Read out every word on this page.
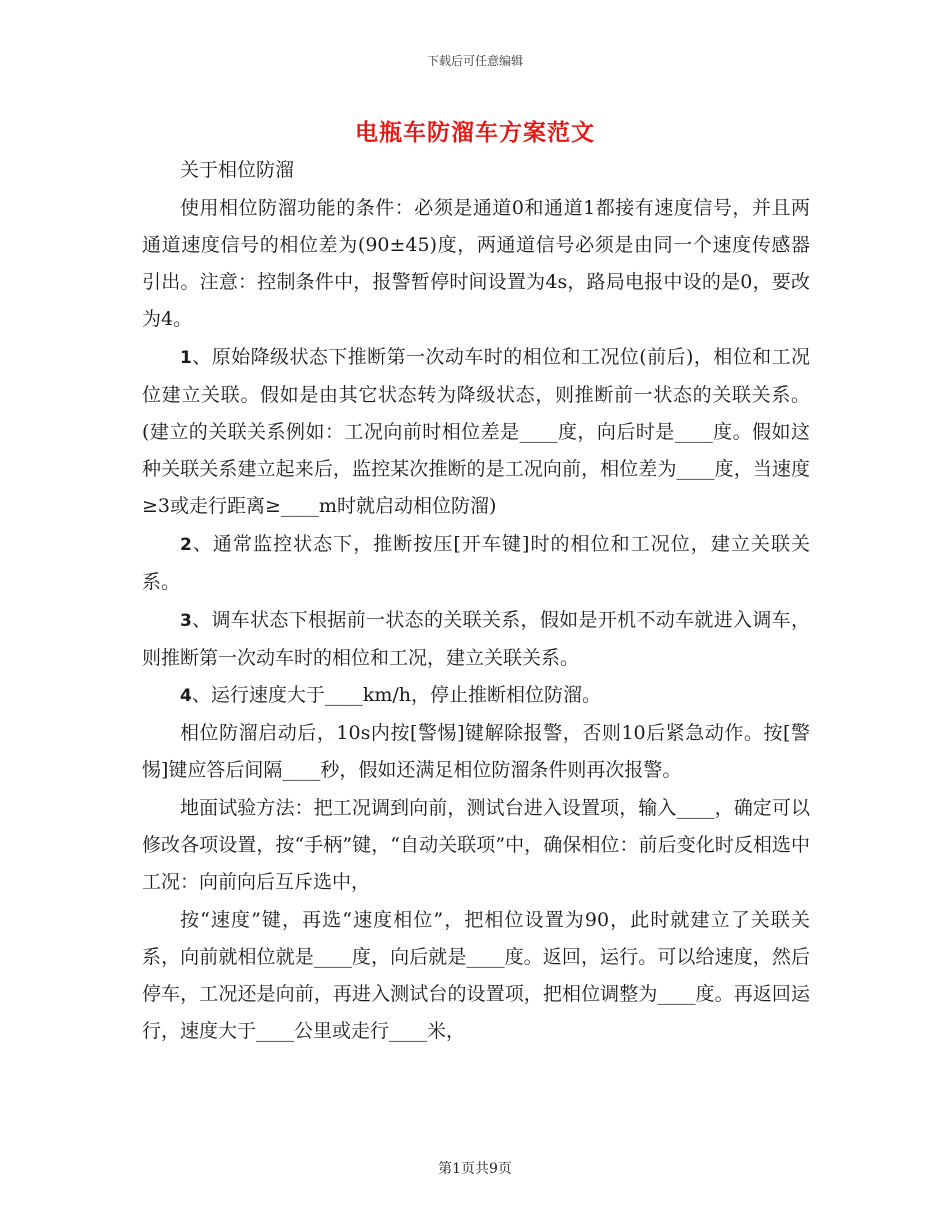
下载后可任意编辑
电瓶车防溜车方案范文

关于相位防溜

使用相位防溜功能的条件：必须是通道0和通道1都接有速度信号，并且两通道速度信号的相位差为(90±45)度，两通道信号必须是由同一个速度传感器引出。注意：控制条件中，报警暂停时间设置为4s，路局电报中设的是0，要改为4。

1、原始降级状态下推断第一次动车时的相位和工况位(前后)，相位和工况位建立关联。假如是由其它状态转为降级状态，则推断前一状态的关联关系。(建立的关联关系例如：工况向前时相位差是____度，向后时是____度。假如这种关联关系建立起来后，监控某次推断的是工况向前，相位差为____度，当速度≥3或走行距离≥____m时就启动相位防溜)

2、通常监控状态下，推断按压[开车键]时的相位和工况位，建立关联关系。

3、调车状态下根据前一状态的关联关系，假如是开机不动车就进入调车，则推断第一次动车时的相位和工况，建立关联关系。

4、运行速度大于____km/h，停止推断相位防溜。

相位防溜启动后，10s内按[警惕]键解除报警，否则10后紧急动作。按[警惕]键应答后间隔____秒，假如还满足相位防溜条件则再次报警。

地面试验方法：把工况调到向前，测试台进入设置项，输入____，确定可以修改各项设置，按“手柄”键，“自动关联项”中，确保相位：前后变化时反相选中工况：向前向后互斥选中，

按“速度”键，再选“速度相位”，把相位设置为90，此时就建立了关联关系，向前就相位就是____度，向后就是____度。返回，运行。可以给速度，然后停车，工况还是向前，再进入测试台的设置项，把相位调整为____度。再返回运行，速度大于____公里或走行____米，

第1页共9页
